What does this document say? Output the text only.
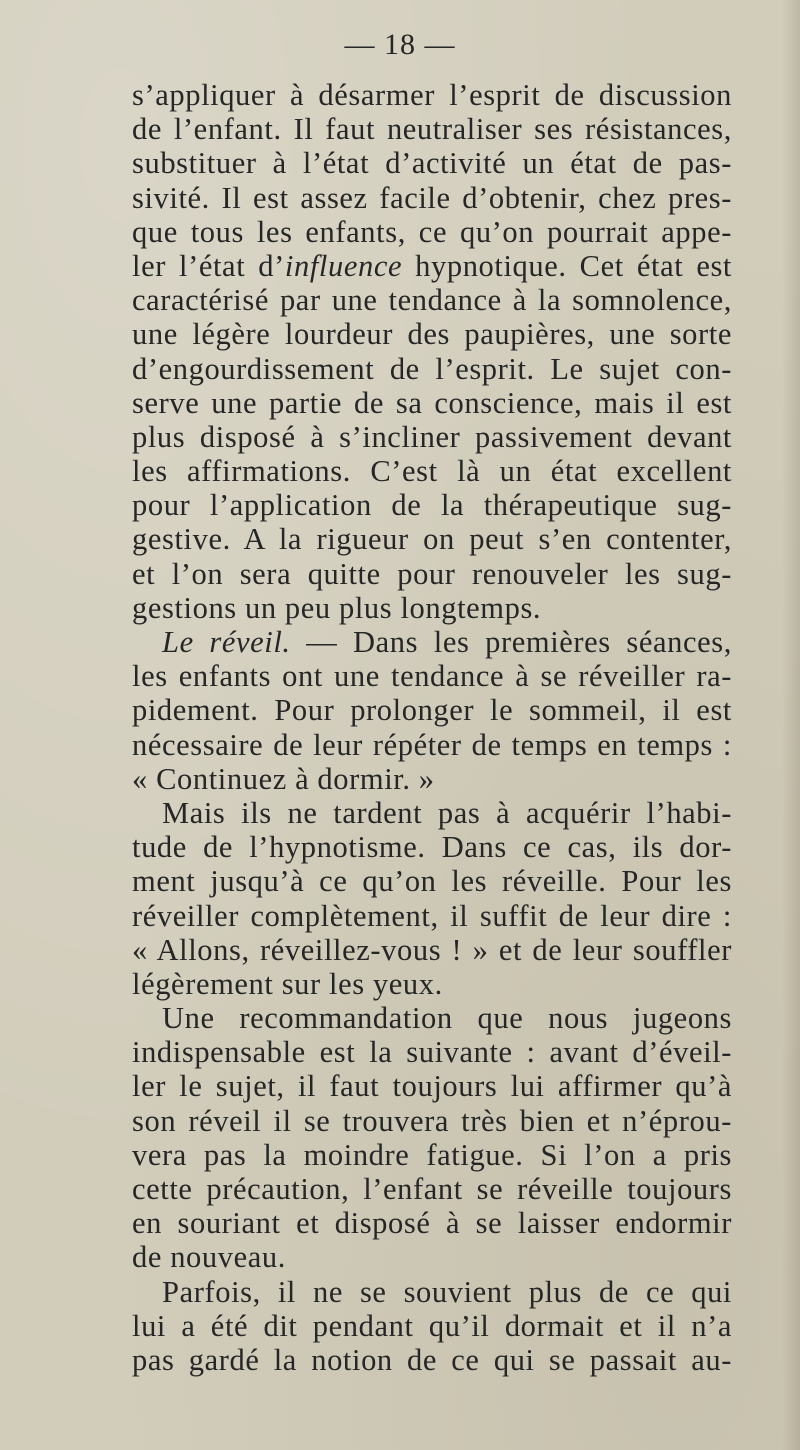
— 18 —
s’appliquer à désarmer l’esprit de discussion
de l’enfant. Il faut neutraliser ses résistances,
substituer à l’état d’activité un état de pas-
sivité. Il est assez facile d’obtenir, chez pres-
que tous les enfants, ce qu’on pourrait appe-
ler l’état d’influence hypnotique. Cet état est
caractérisé par une tendance à la somnolence,
une légère lourdeur des paupières, une sorte
d’engourdissement de l’esprit. Le sujet con-
serve une partie de sa conscience, mais il est
plus disposé à s’incliner passivement devant
les affirmations. C’est là un état excellent
pour l’application de la thérapeutique sug-
gestive. A la rigueur on peut s’en contenter,
et l’on sera quitte pour renouveler les sug-
gestions un peu plus longtemps.
Le réveil. — Dans les premières séances,
les enfants ont une tendance à se réveiller ra-
pidement. Pour prolonger le sommeil, il est
nécessaire de leur répéter de temps en temps :
« Continuez à dormir. »
Mais ils ne tardent pas à acquérir l’habi-
tude de l’hypnotisme. Dans ce cas, ils dor-
ment jusqu’à ce qu’on les réveille. Pour les
réveiller complètement, il suffit de leur dire :
« Allons, réveillez-vous ! » et de leur souffler
légèrement sur les yeux.
Une recommandation que nous jugeons
indispensable est la suivante : avant d’éveil-
ler le sujet, il faut toujours lui affirmer qu’à
son réveil il se trouvera très bien et n’éprou-
vera pas la moindre fatigue. Si l’on a pris
cette précaution, l’enfant se réveille toujours
en souriant et disposé à se laisser endormir
de nouveau.
Parfois, il ne se souvient plus de ce qui
lui a été dit pendant qu’il dormait et il n’a
pas gardé la notion de ce qui se passait au-
